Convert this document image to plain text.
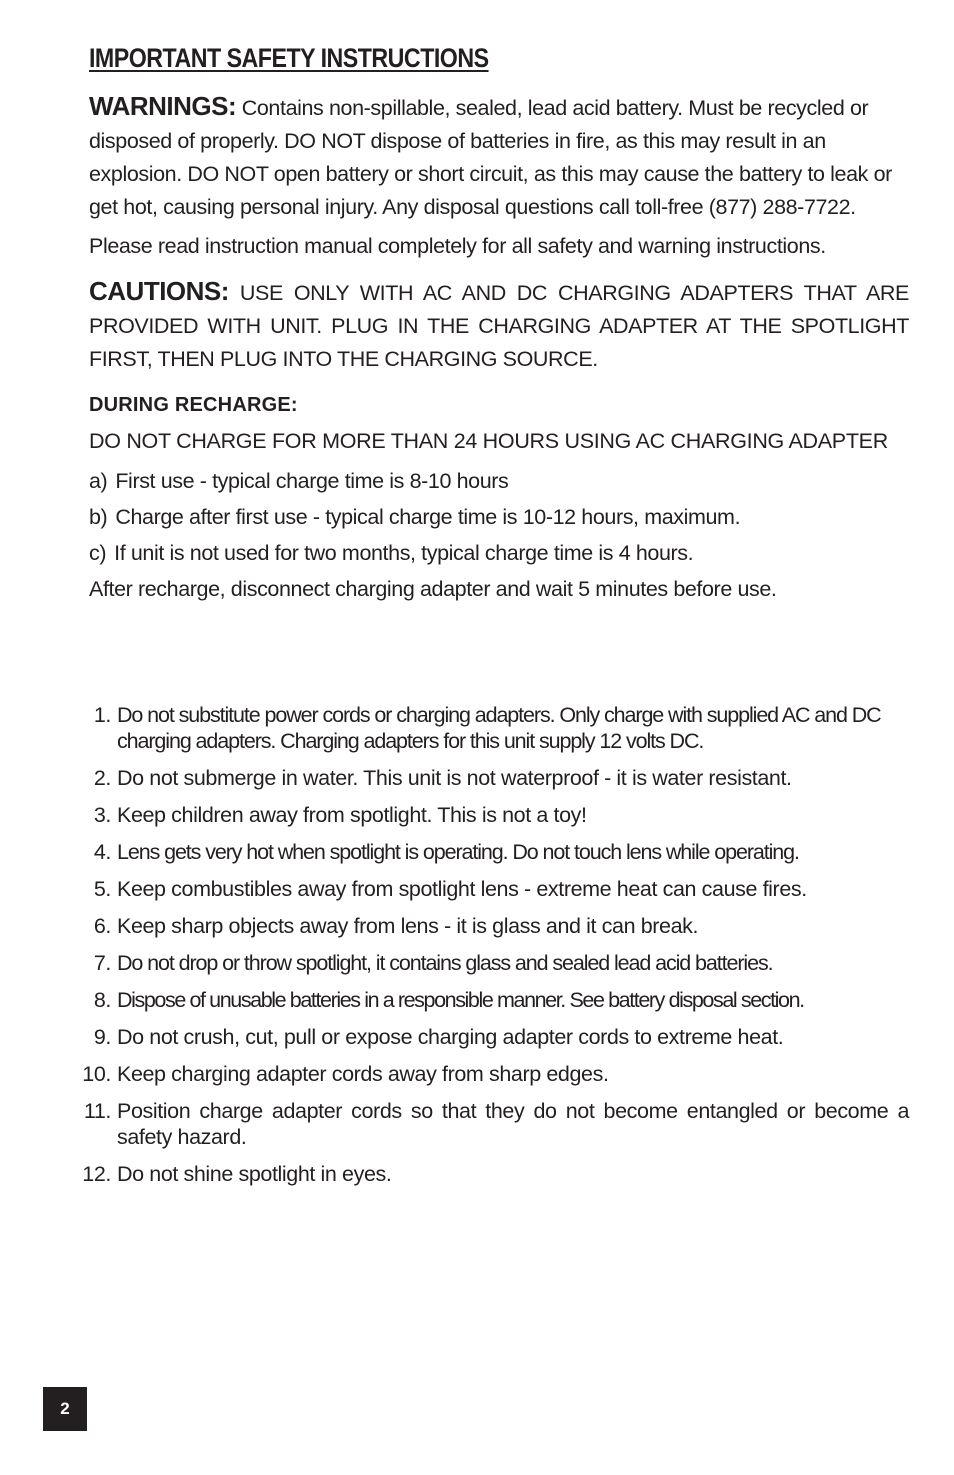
IMPORTANT SAFETY INSTRUCTIONS

WARNINGS: Contains non-spillable, sealed, lead acid battery. Must be recycled or disposed of properly. DO NOT dispose of batteries in fire, as this may result in an explosion. DO NOT open battery or short circuit, as this may cause the battery to leak or get hot, causing personal injury. Any disposal questions call toll-free (877) 288-7722.

Please read instruction manual completely for all safety and warning instructions.

CAUTIONS: USE ONLY WITH AC AND DC CHARGING ADAPTERS THAT ARE PROVIDED WITH UNIT. PLUG IN THE CHARGING ADAPTER AT THE SPOTLIGHT FIRST, THEN PLUG INTO THE CHARGING SOURCE.

DURING RECHARGE:

DO NOT CHARGE FOR MORE THAN 24 HOURS USING AC CHARGING ADAPTER

a) First use - typical charge time is 8-10 hours
b) Charge after first use - typical charge time is 10-12 hours, maximum.
c) If unit is not used for two months, typical charge time is 4 hours.

After recharge, disconnect charging adapter and wait 5 minutes before use.

1. Do not substitute power cords or charging adapters. Only charge with supplied AC and DC charging adapters. Charging adapters for this unit supply 12 volts DC.
2. Do not submerge in water. This unit is not waterproof - it is water resistant.
3. Keep children away from spotlight. This is not a toy!
4. Lens gets very hot when spotlight is operating. Do not touch lens while operating.
5. Keep combustibles away from spotlight lens - extreme heat can cause fires.
6. Keep sharp objects away from lens - it is glass and it can break.
7. Do not drop or throw spotlight, it contains glass and sealed lead acid batteries.
8. Dispose of unusable batteries in a responsible manner. See battery disposal section.
9. Do not crush, cut, pull or expose charging adapter cords to extreme heat.
10. Keep charging adapter cords away from sharp edges.
11. Position charge adapter cords so that they do not become entangled or become a safety hazard.
12. Do not shine spotlight in eyes.
2
